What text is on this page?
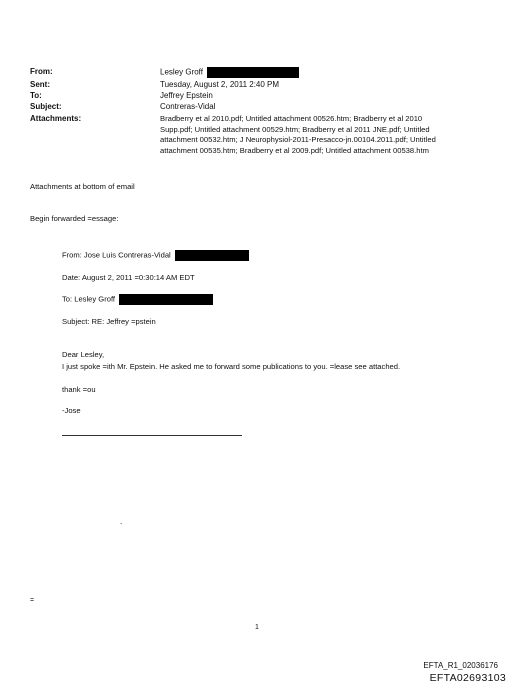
From:	Lesley Groff
Sent:	Tuesday, August 2, 2011 2:40 PM
To:	Jeffrey Epstein
Subject:	Contreras-Vidal
Attachments:	Bradberry et al 2010.pdf; Untitled attachment 00526.htm; Bradberry et al 2010
Supp.pdf; Untitled attachment 00529.htm; Bradberry et al 2011 JNE.pdf; Untitled
attachment 00532.htm; J Neurophysiol-2011-Presacco-jn.00104.2011.pdf; Untitled
attachment 00535.htm; Bradberry et al 2009.pdf; Untitled attachment 00538.htm
Attachments at bottom of email
Begin forwarded =essage:
From: Jose Luis Contreras-Vidal
Date: August 2, 2011 =0:30:14 AM EDT
To: Lesley Groff
Subject: RE: Jeffrey =pstein
Dear Lesley,
I just spoke =ith Mr. Epstein. He asked me to forward some publications to you. =lease see attached.
thank =ou
-Jose
.
=
1
EFTA_R1_02036176
EFTA02693103
